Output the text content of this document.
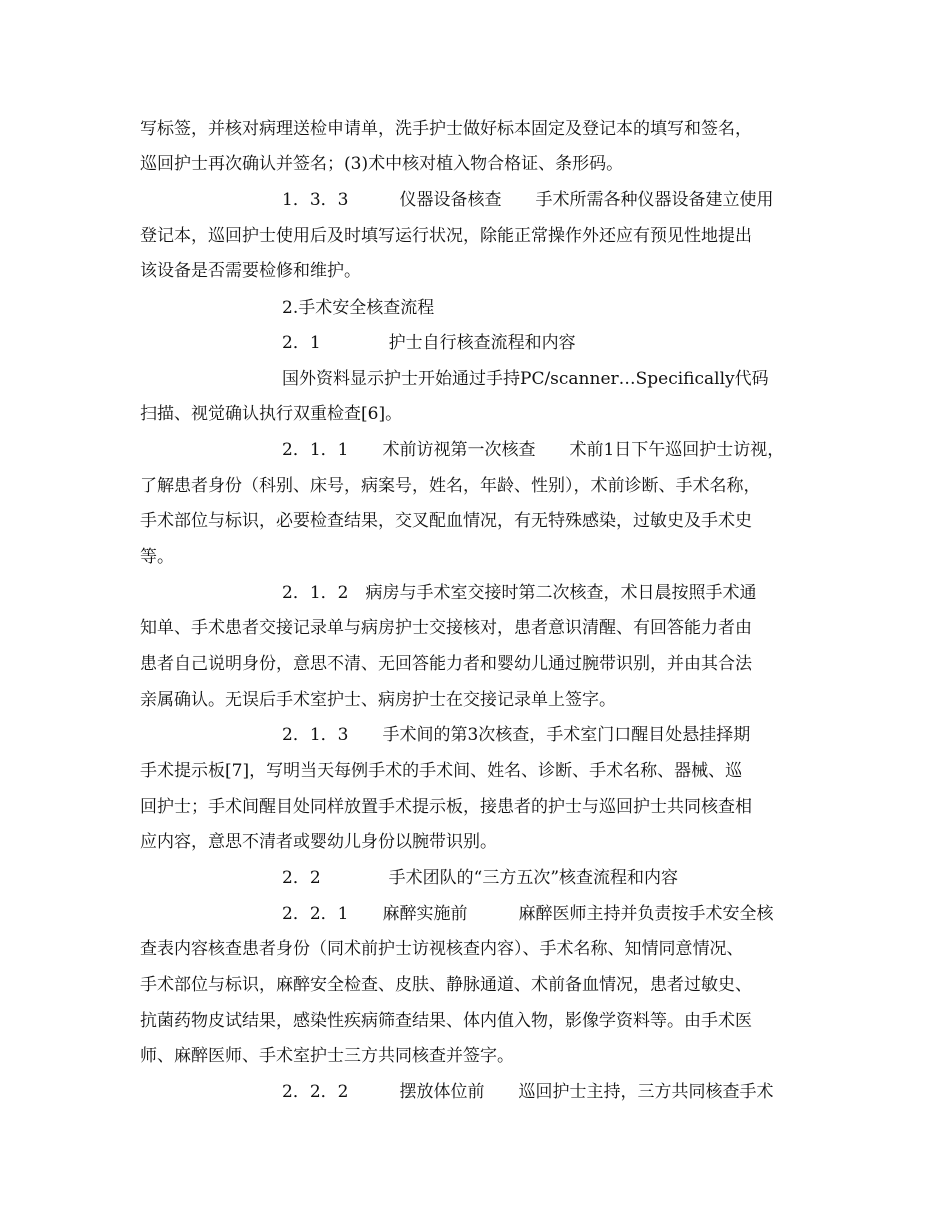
写标签，并核对病理送检申请单，洗手护士做好标本固定及登记本的填写和签名，
巡回护士再次确认并签名；(3)术中核对植入物合格证、条形码。
1．3．3　　　仪器设备核查　　手术所需各种仪器设备建立使用
登记本，巡回护士使用后及时填写运行状况，除能正常操作外还应有预见性地提出
该设备是否需要检修和维护。
2.手术安全核查流程
2．1　　　　护士自行核查流程和内容
国外资料显示护士开始通过手持PC/scanner…Specifically代码
扫描、视觉确认执行双重检查[6]。
2．1．1　　术前访视第一次核查　　术前1日下午巡回护士访视，
了解患者身份（科别、床号，病案号，姓名，年龄、性别），术前诊断、手术名称，
手术部位与标识，必要检查结果，交叉配血情况，有无特殊感染，过敏史及手术史
等。
2．1．2　病房与手术室交接时第二次核查，术日晨按照手术通
知单、手术患者交接记录单与病房护士交接核对，患者意识清醒、有回答能力者由
患者自己说明身份，意思不清、无回答能力者和婴幼儿通过腕带识别，并由其合法
亲属确认。无误后手术室护士、病房护士在交接记录单上签字。
2．1．3　　手术间的第3次核查，手术室门口醒目处悬挂择期
手术提示板[7]，写明当天每例手术的手术间、姓名、诊断、手术名称、器械、巡
回护士；手术间醒目处同样放置手术提示板，接患者的护士与巡回护士共同核查相
应内容，意思不清者或婴幼儿身份以腕带识别。
2．2　　　　手术团队的“三方五次”核查流程和内容
2．2．1　　麻醉实施前　　　麻醉医师主持并负责按手术安全核
查表内容核查患者身份（同术前护士访视核查内容）、手术名称、知情同意情况、
手术部位与标识，麻醉安全检查、皮肤、静脉通道、术前备血情况，患者过敏史、
抗菌药物皮试结果，感染性疾病筛查结果、体内值入物，影像学资料等。由手术医
师、麻醉医师、手术室护士三方共同核查并签字。
2．2．2　　　摆放体位前　　巡回护士主持，三方共同核查手术
